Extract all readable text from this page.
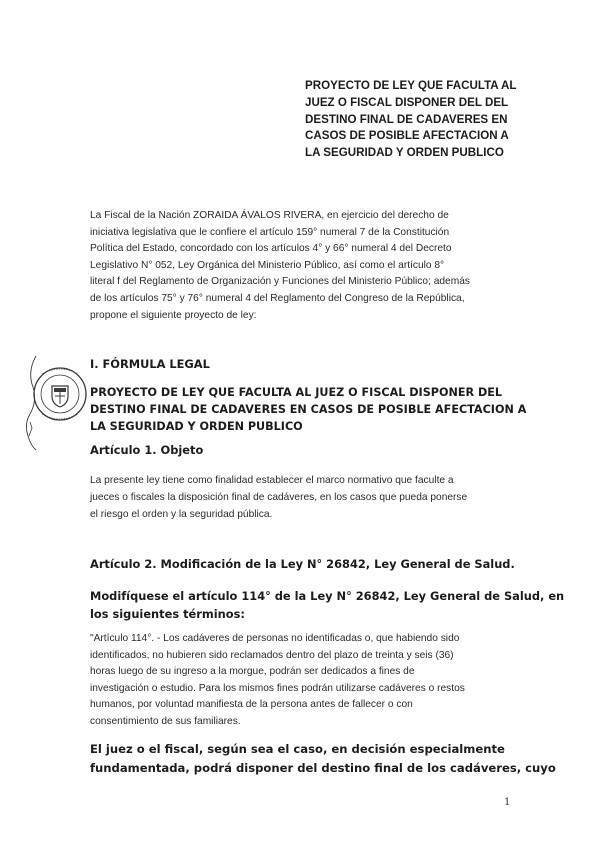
PROYECTO DE LEY QUE FACULTA AL
JUEZ O FISCAL DISPONER DEL DEL
DESTINO FINAL DE CADAVERES EN
CASOS DE POSIBLE AFECTACION A
LA SEGURIDAD Y ORDEN PUBLICO
La Fiscal de la Nación ZORAIDA ÁVALOS RIVERA, en ejercicio del derecho de
iniciativa legislativa que le confiere el artículo 159° numeral 7 de la Constitución
Política del Estado, concordado con los artículos 4° y 66° numeral 4 del Decreto
Legislativo N° 052, Ley Orgánica del Ministerio Público, así como el artículo 8°
literal f del Reglamento de Organización y Funciones del Ministerio Público; además
de los artículos 75° y 76° numeral 4 del Reglamento del Congreso de la República,
propone el siguiente proyecto de ley:
I. FÓRMULA LEGAL
PROYECTO DE LEY QUE FACULTA AL JUEZ O FISCAL DISPONER DEL
DESTINO FINAL DE CADAVERES EN CASOS DE POSIBLE AFECTACION A
LA SEGURIDAD Y ORDEN PUBLICO
Artículo 1. Objeto
La presente ley tiene como finalidad establecer el marco normativo que faculte a
jueces o fiscales la disposición final de cadáveres, en los casos que pueda ponerse
el riesgo el orden y la seguridad pública.
Artículo 2. Modificación de la Ley N° 26842, Ley General de Salud.
Modifíquese el artículo 114° de la Ley N° 26842, Ley General de Salud, en
los siguientes términos:
"Artículo 114°. - Los cadáveres de personas no identificadas o, que habiendo sido
identificados, no hubieren sido reclamados dentro del plazo de treinta y seis (36)
horas luego de su ingreso a la morgue, podrán ser dedicados a fines de
investigación o estudio. Para los mismos fines podrán utilizarse cadáveres o restos
humanos, por voluntad manifiesta de la persona antes de fallecer o con
consentimiento de sus familiares.
El juez o el fiscal, según sea el caso, en decisión especialmente
fundamentada, podrá disponer del destino final de los cadáveres, cuyo
1
